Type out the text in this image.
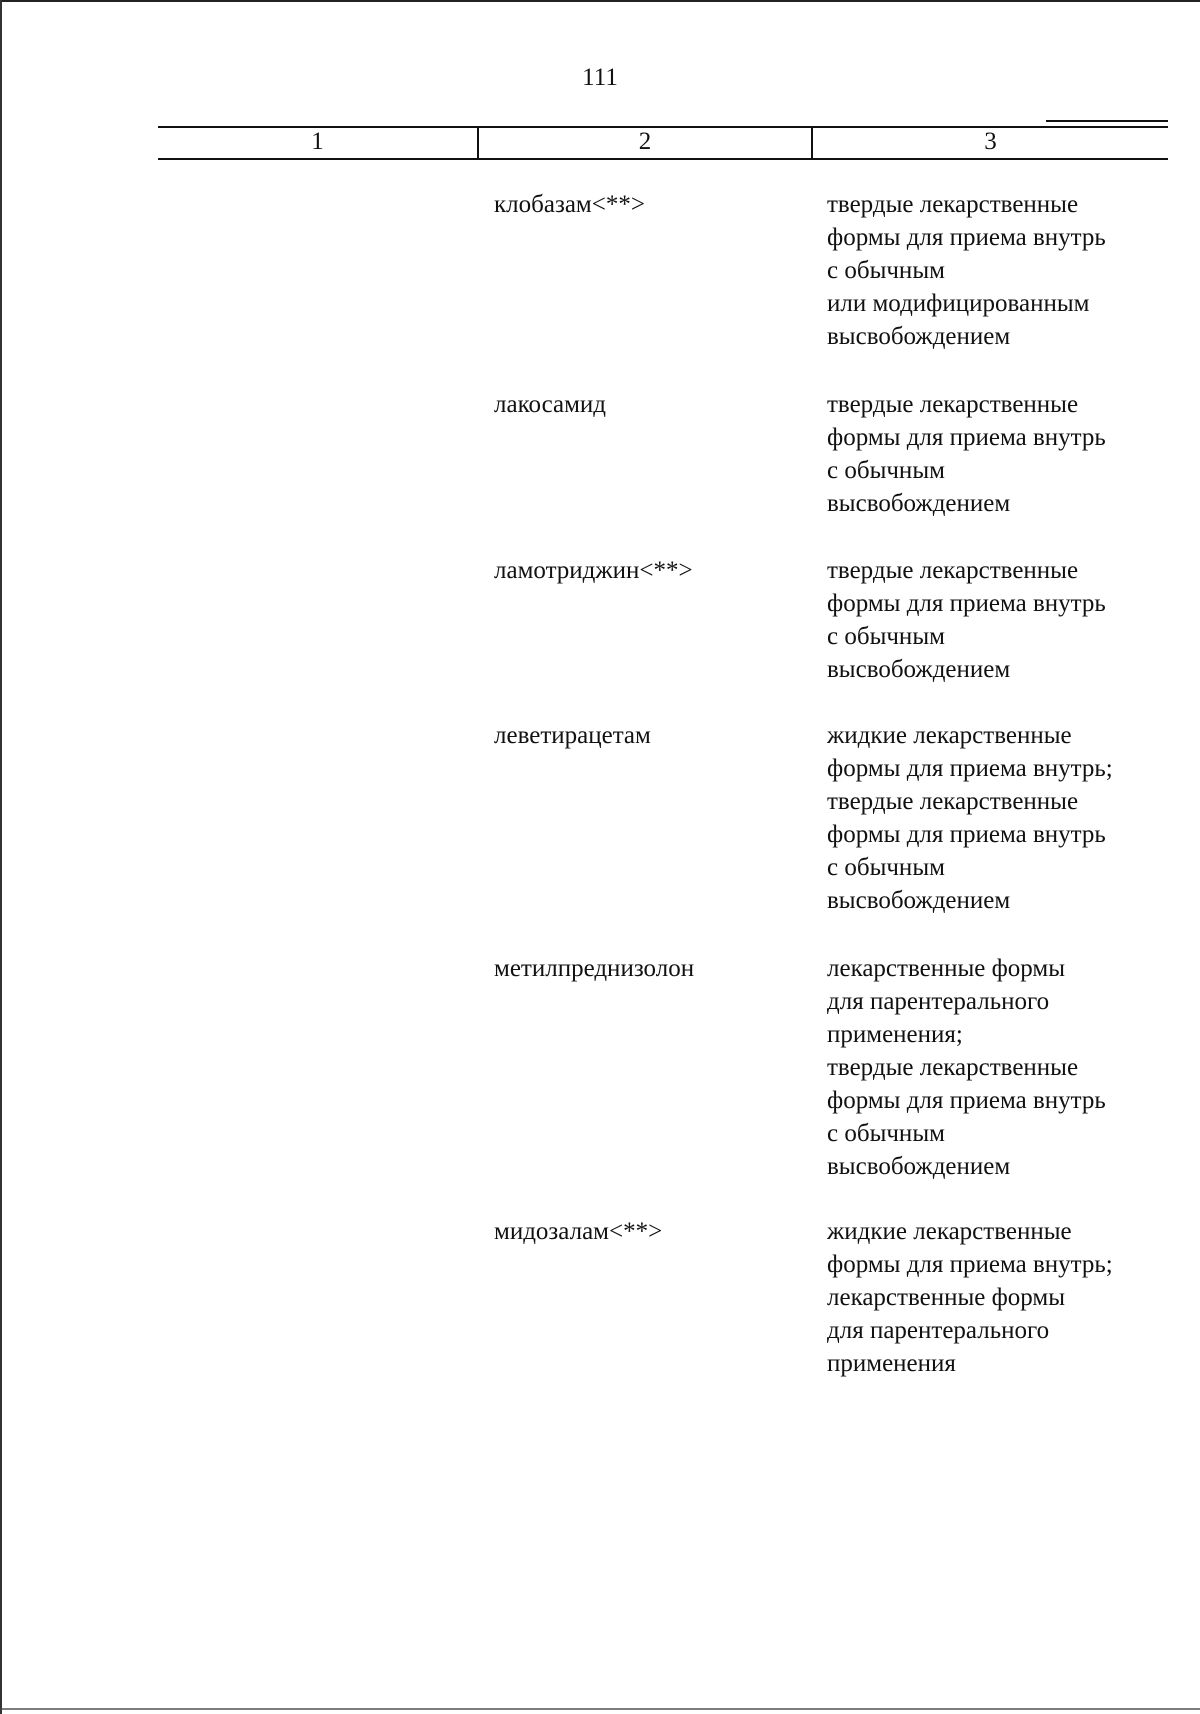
111
1	2	3
клобазам<**>	твердые лекарственные
формы для приема внутрь
с обычным
или модифицированным
высвобождением
лакосамид	твердые лекарственные
формы для приема внутрь
с обычным
высвобождением
ламотриджин<**>	твердые лекарственные
формы для приема внутрь
с обычным
высвобождением
леветирацетам	жидкие лекарственные
формы для приема внутрь;
твердые лекарственные
формы для приема внутрь
с обычным
высвобождением
метилпреднизолон	лекарственные формы
для парентерального
применения;
твердые лекарственные
формы для приема внутрь
с обычным
высвобождением
мидозалам<**>	жидкие лекарственные
формы для приема внутрь;
лекарственные формы
для парентерального
применения
